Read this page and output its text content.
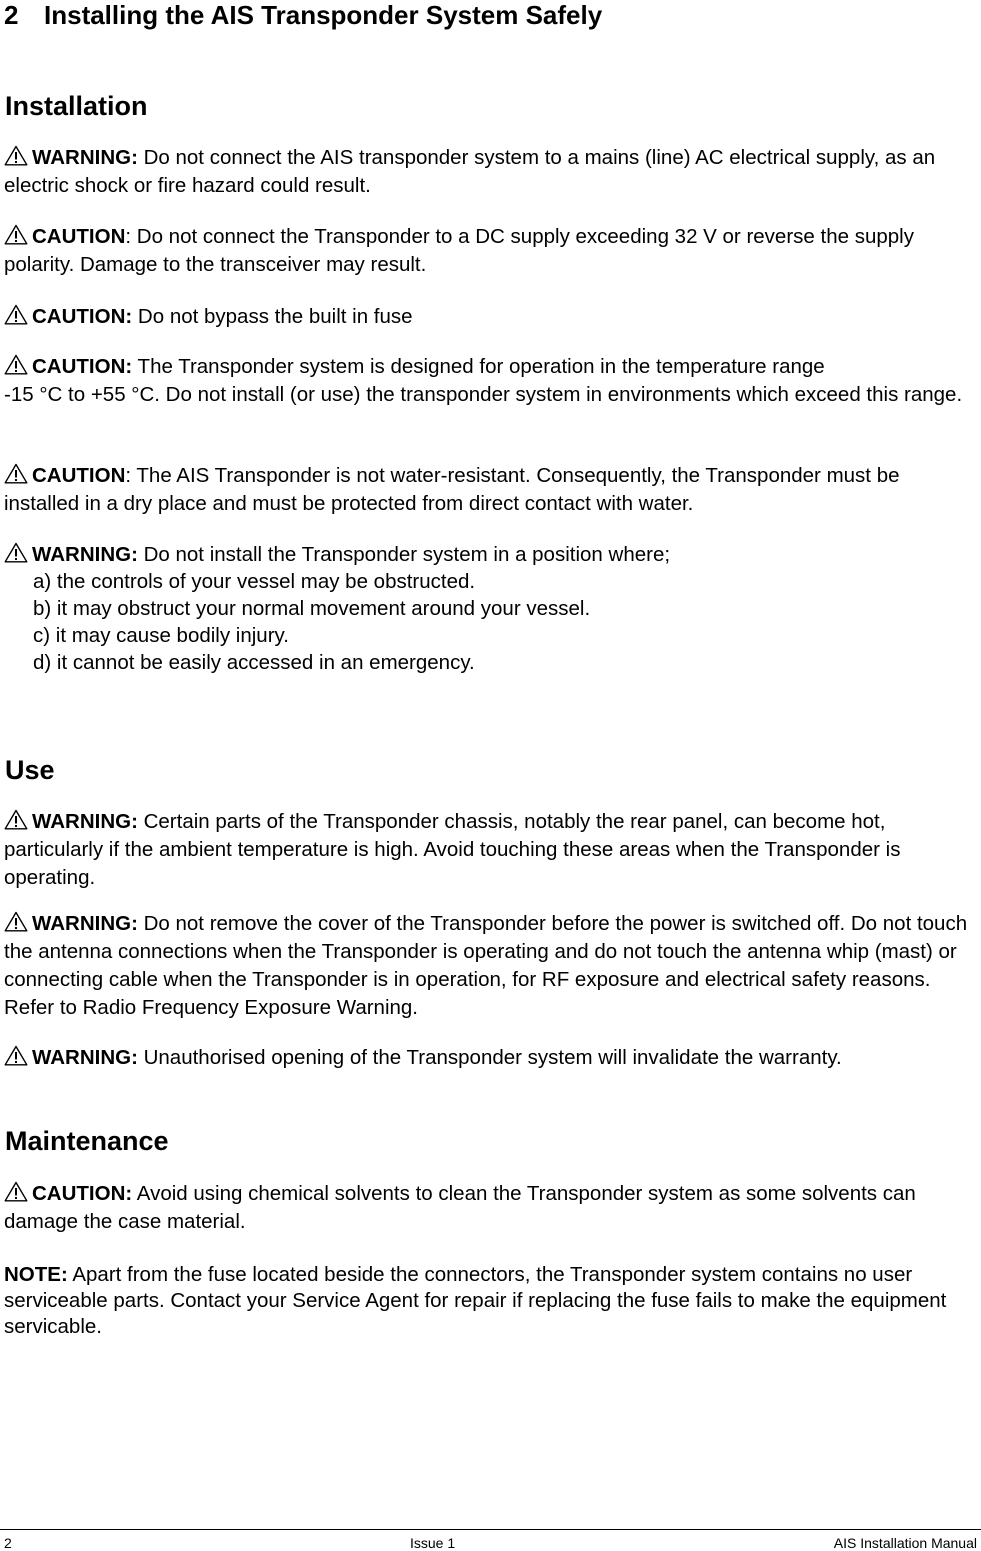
2 Installing the AIS Transponder System Safely
Installation

WARNING: Do not connect the AIS transponder system to a mains (line) AC electrical supply, as an electric shock or fire hazard could result.

CAUTION: Do not connect the Transponder to a DC supply exceeding 32 V or reverse the supply polarity. Damage to the transceiver may result.

CAUTION: Do not bypass the built in fuse

CAUTION: The Transponder system is designed for operation in the temperature range
-15 °C to +55 °C. Do not install (or use) the transponder system in environments which exceed this range.

CAUTION: The AIS Transponder is not water-resistant. Consequently, the Transponder must be installed in a dry place and must be protected from direct contact with water.

WARNING: Do not install the Transponder system in a position where;

a) the controls of your vessel may be obstructed.
b) it may obstruct your normal movement around your vessel.
c) it may cause bodily injury.
d) it cannot be easily accessed in an emergency.
Use

WARNING: Certain parts of the Transponder chassis, notably the rear panel, can become hot, particularly if the ambient temperature is high. Avoid touching these areas when the Transponder is operating.

WARNING: Do not remove the cover of the Transponder before the power is switched off. Do not touch the antenna connections when the Transponder is operating and do not touch the antenna whip (mast) or connecting cable when the Transponder is in operation, for RF exposure and electrical safety reasons. Refer to Radio Frequency Exposure Warning.

WARNING: Unauthorised opening of the Transponder system will invalidate the warranty.

Maintenance

CAUTION: Avoid using chemical solvents to clean the Transponder system as some solvents can damage the case material.

NOTE: Apart from the fuse located beside the connectors, the Transponder system contains no user serviceable parts. Contact your Service Agent for repair if replacing the fuse fails to make the equipment servicable.

2	Issue 1	AIS Installation Manual
